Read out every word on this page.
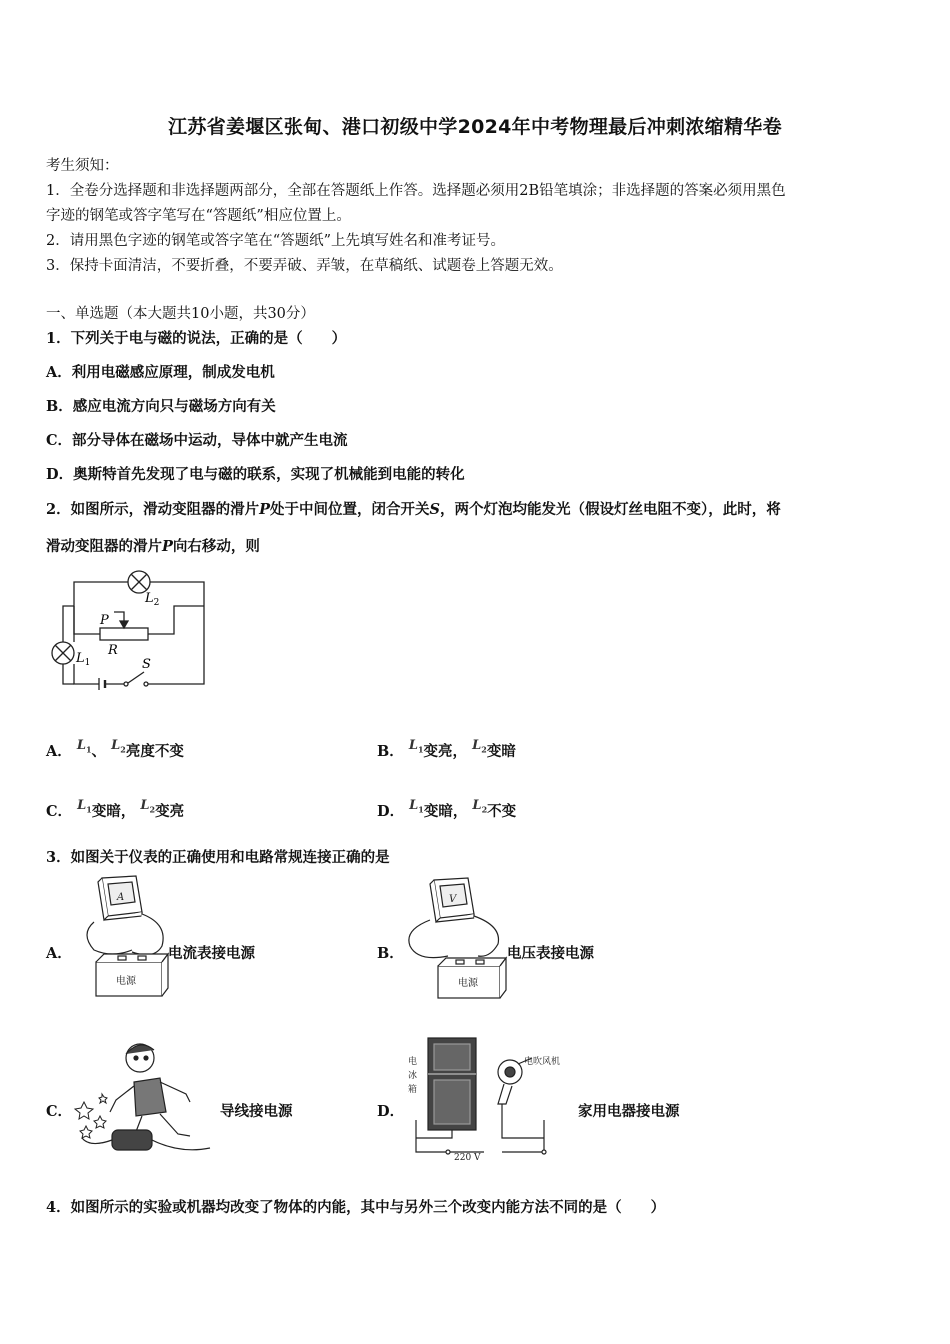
江苏省姜堰区张甸、港口初级中学2024年中考物理最后冲刺浓缩精华卷
考生须知：
1．全卷分选择题和非选择题两部分，全部在答题纸上作答。选择题必须用2B铅笔填涂；非选择题的答案必须用黑色
字迹的钢笔或答字笔写在“答题纸”相应位置上。
2．请用黑色字迹的钢笔或答字笔在“答题纸”上先填写姓名和准考证号。
3．保持卡面清洁，不要折叠，不要弄破、弄皱，在草稿纸、试题卷上答题无效。
一、单选题（本大题共10小题，共30分）
1．下列关于电与磁的说法，正确的是（　　）
A．利用电磁感应原理，制成发电机
B．感应电流方向只与磁场方向有关
C．部分导体在磁场中运动，导体中就产生电流
D．奥斯特首先发现了电与磁的联系，实现了机械能到电能的转化
2．如图所示，滑动变阻器的滑片P处于中间位置，闭合开关S，两个灯泡均能发光（假设灯丝电阻不变），此时，将
滑动变阻器的滑片P向右移动，则
$L_2$
$L_1$
P
R
S
A． $L_1$、 $L_2$亮度不变	B． $L_1$变亮， $L_2$变暗
C． $L_1$变暗， $L_2$变亮	D． $L_1$变暗， $L_2$不变
3．如图关于仪表的正确使用和电路常规连接正确的是
A．
A
电源
电流表接电源	B．
V
电源
电压表接电源
C．	导线接电源	D．
电
冰
箱
电吹风机
220 V
家用电器接电源
4．如图所示的实验或机器均改变了物体的内能，其中与另外三个改变内能方法不同的是（　　）
